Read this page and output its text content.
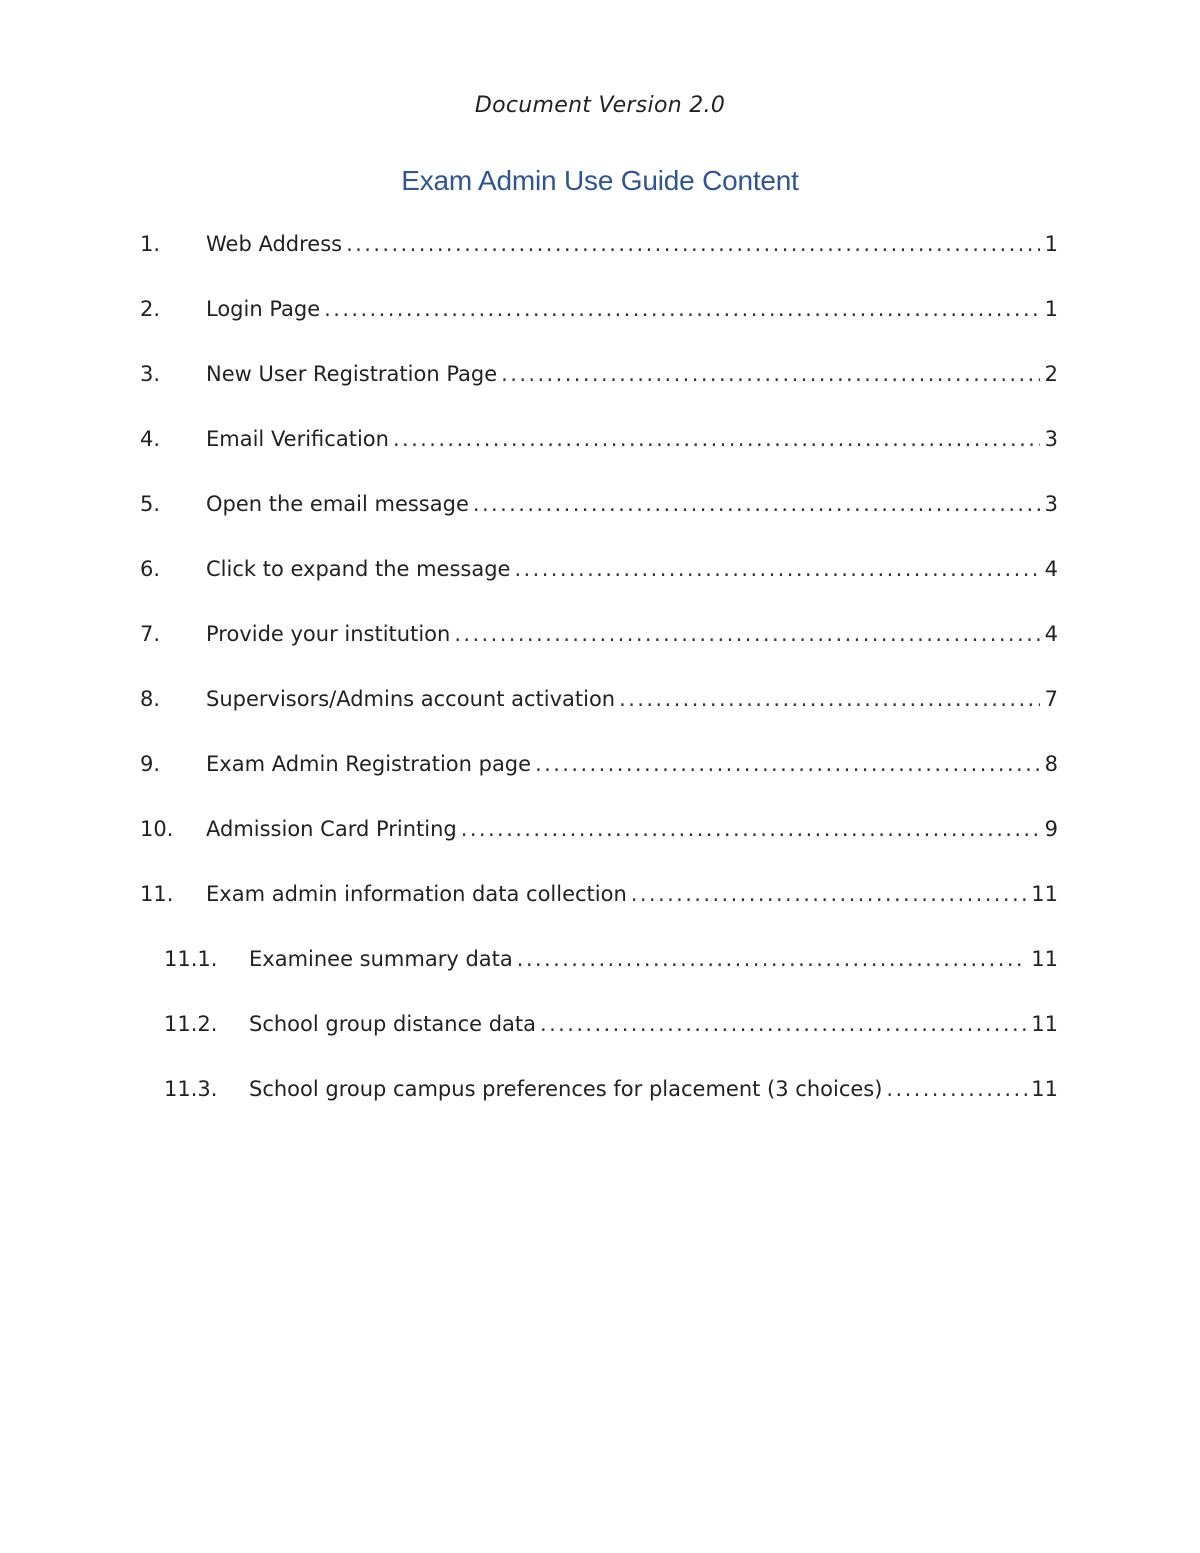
Document Version 2.0
Exam Admin Use Guide Content
1.	Web Address .....	1
2.	Login Page .....	1
3.	New User Registration Page .....	2
4.	Email Verification .....	3
5.	Open the email message .....	3
6.	Click to expand the message .....	4
7.	Provide your institution .....	4
8.	Supervisors/Admins account activation .....	7
9.	Exam Admin Registration page .....	8
10.	Admission Card Printing .....	9
11.	Exam admin information data collection .....	11
11.1.	Examinee summary data .....	11
11.2.	School group distance data .....	11
11.3.	School group campus preferences for placement (3 choices) .....	11
